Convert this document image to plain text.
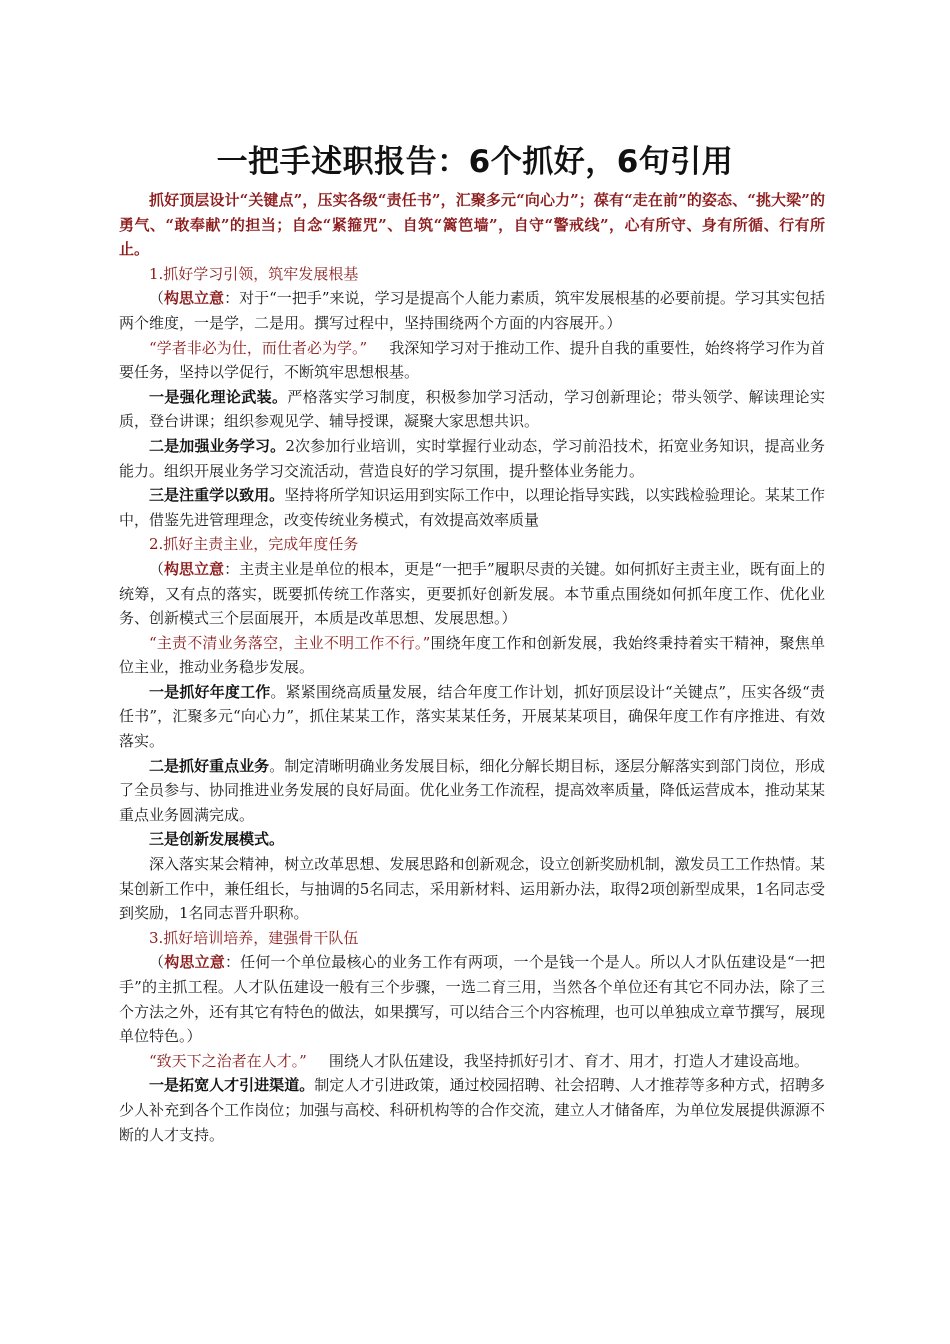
一把手述职报告：6个抓好，6句引用

抓好顶层设计“关键点”，压实各级“责任书”，汇聚多元“向心力”；葆有“走在前”的姿态、“挑大梁”的勇气、“敢奉献”的担当；自念“紧箍咒”、自筑“篱笆墙”，自守“警戒线”，心有所守、身有所循、行有所止。

1.抓好学习引领，筑牢发展根基

（构思立意：对于“一把手”来说，学习是提高个人能力素质，筑牢发展根基的必要前提。学习其实包括两个维度，一是学，二是用。撰写过程中，坚持围绕两个方面的内容展开。）

“学者非必为仕，而仕者必为学。” 我深知学习对于推动工作、提升自我的重要性，始终将学习作为首要任务，坚持以学促行，不断筑牢思想根基。

一是强化理论武装。严格落实学习制度，积极参加学习活动，学习创新理论；带头领学、解读理论实质，登台讲课；组织参观见学、辅导授课，凝聚大家思想共识。

二是加强业务学习。2次参加行业培训，实时掌握行业动态，学习前沿技术，拓宽业务知识，提高业务能力。组织开展业务学习交流活动，营造良好的学习氛围，提升整体业务能力。

三是注重学以致用。坚持将所学知识运用到实际工作中，以理论指导实践，以实践检验理论。某某工作中，借鉴先进管理理念，改变传统业务模式，有效提高效率质量

2.抓好主责主业，完成年度任务

（构思立意：主责主业是单位的根本，更是“一把手”履职尽责的关键。如何抓好主责主业，既有面上的统筹，又有点的落实，既要抓传统工作落实，更要抓好创新发展。本节重点围绕如何抓年度工作、优化业务、创新模式三个层面展开，本质是改革思想、发展思想。）

“主责不清业务落空，主业不明工作不行。”围绕年度工作和创新发展，我始终秉持着实干精神，聚焦单位主业，推动业务稳步发展。

一是抓好年度工作。紧紧围绕高质量发展，结合年度工作计划，抓好顶层设计“关键点”，压实各级“责任书”，汇聚多元“向心力”，抓住某某工作，落实某某任务，开展某某项目，确保年度工作有序推进、有效落实。

二是抓好重点业务。制定清晰明确业务发展目标，细化分解长期目标，逐层分解落实到部门岗位，形成了全员参与、协同推进业务发展的良好局面。优化业务工作流程，提高效率质量，降低运营成本，推动某某重点业务圆满完成。

三是创新发展模式。

深入落实某会精神，树立改革思想、发展思路和创新观念，设立创新奖励机制，激发员工工作热情。某某创新工作中，兼任组长，与抽调的5名同志，采用新材料、运用新办法，取得2项创新型成果，1名同志受到奖励，1名同志晋升职称。

3.抓好培训培养，建强骨干队伍

（构思立意：任何一个单位最核心的业务工作有两项，一个是钱一个是人。所以人才队伍建设是“一把手”的主抓工程。人才队伍建设一般有三个步骤，一选二育三用，当然各个单位还有其它不同办法，除了三个方法之外，还有其它有特色的做法，如果撰写，可以结合三个内容梳理，也可以单独成立章节撰写，展现单位特色。）

“致天下之治者在人才。” 围绕人才队伍建设，我坚持抓好引才、育才、用才，打造人才建设高地。

一是拓宽人才引进渠道。制定人才引进政策，通过校园招聘、社会招聘、人才推荐等多种方式，招聘多少人补充到各个工作岗位；加强与高校、科研机构等的合作交流，建立人才储备库，为单位发展提供源源不断的人才支持。
